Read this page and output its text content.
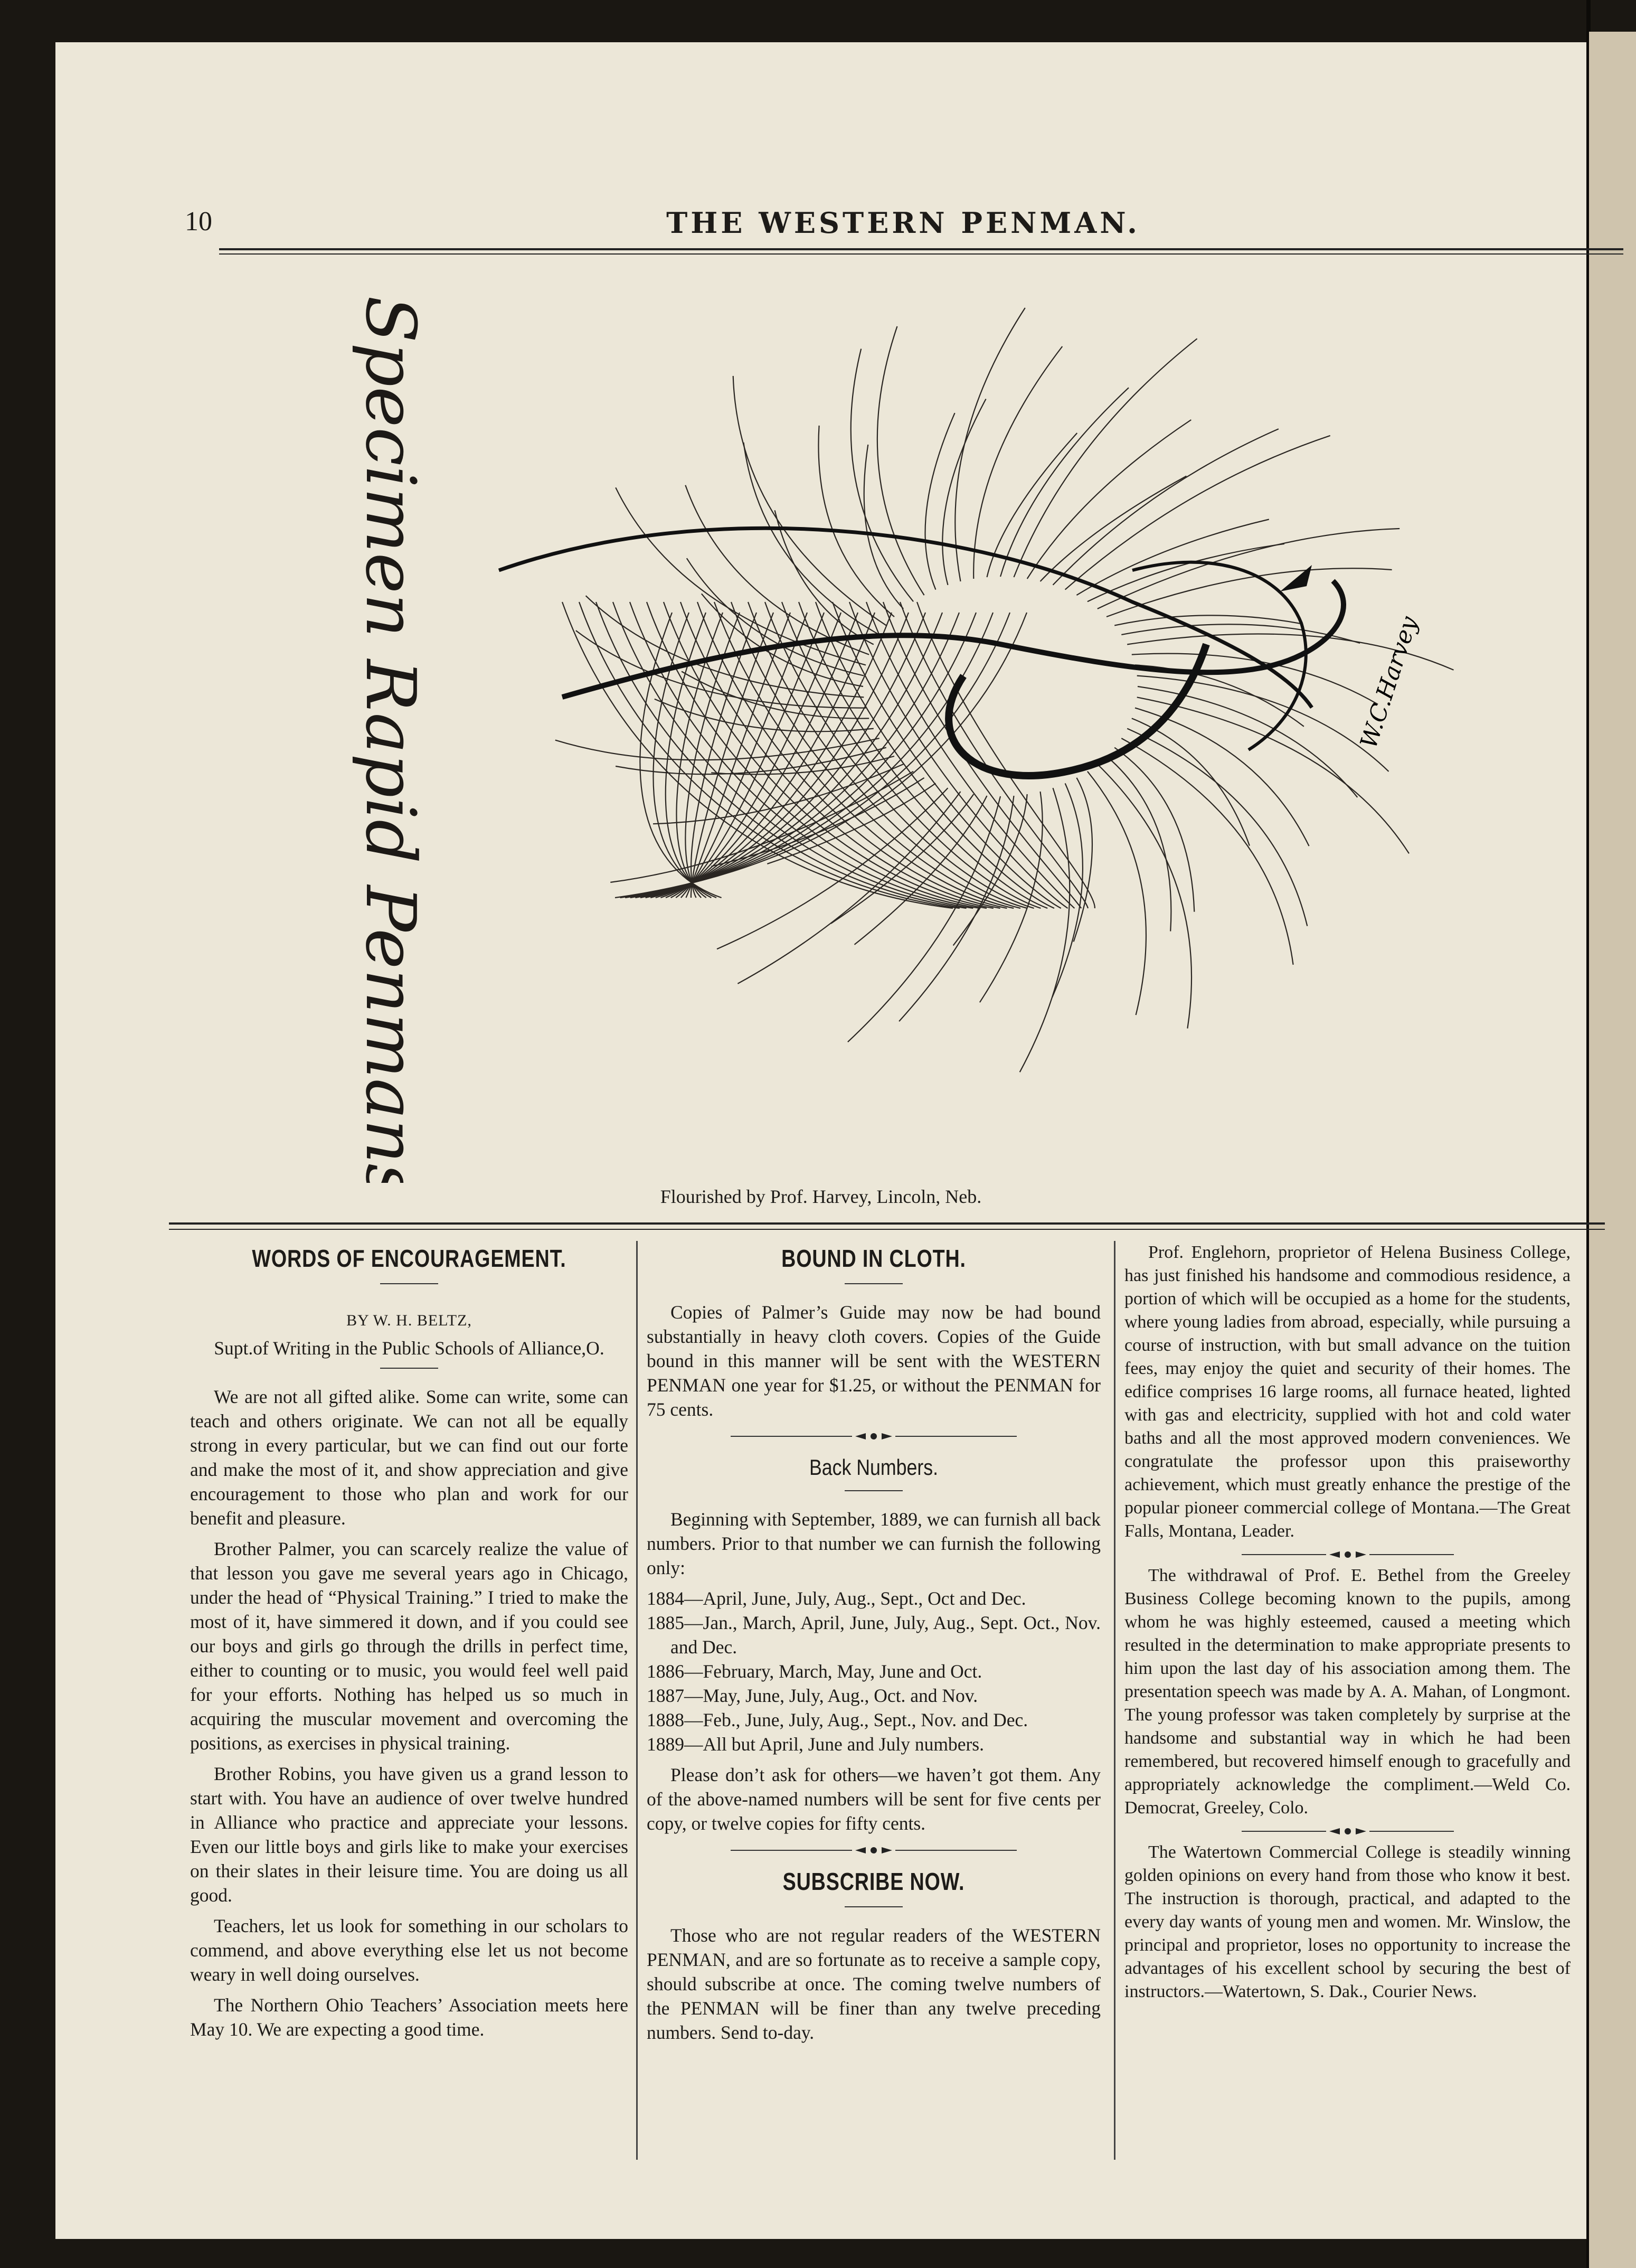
10	THE WESTERN PENMAN.
W.C.Harvey
Specimen Rapid Penmanship	Flourished by Prof. Harvey, Lincoln, Neb.
WORDS OF ENCOURAGEMENT.
BY W. H. BELTZ,
Supt.of Writing in the Public Schools of Alliance,O.

We are not all gifted alike. Some can write, some can teach and others originate. We can not all be equally strong in every particular, but we can find out our forte and make the most of it, and show appreciation and give encouragement to those who plan and work for our benefit and pleasure.

Brother Palmer, you can scarcely realize the value of that lesson you gave me several years ago in Chicago, under the head of “Physical Training.” I tried to make the most of it, have simmered it down, and if you could see our boys and girls go through the drills in perfect time, either to counting or to music, you would feel well paid for your efforts. Nothing has helped us so much in acquiring the muscular movement and overcoming the positions, as exercises in physical training.

Brother Robins, you have given us a grand lesson to start with. You have an audience of over twelve hundred in Alliance who practice and appreciate your lessons. Even our little boys and girls like to make your exercises on their slates in their leisure time. You are doing us all good.

Teachers, let us look for something in our scholars to commend, and above everything else let us not become weary in well doing ourselves.

The Northern Ohio Teachers’ Association meets here May 10. We are expecting a good time.

BOUND IN CLOTH.

Copies of Palmer’s Guide may now be had bound substantially in heavy cloth covers. Copies of the Guide bound in this manner will be sent with the WESTERN PENMAN one year for $1.25, or without the PENMAN for 75 cents.

Back Numbers.

Beginning with September, 1889, we can furnish all back numbers. Prior to that number we can furnish the following only:

1884—April, June, July, Aug., Sept., Oct and Dec.

1885—Jan., March, April, June, July, Aug., Sept. Oct., Nov. and Dec.

1886—February, March, May, June and Oct.

1887—May, June, July, Aug., Oct. and Nov.

1888—Feb., June, July, Aug., Sept., Nov. and Dec.

1889—All but April, June and July numbers.

Please don’t ask for others—we haven’t got them. Any of the above-named numbers will be sent for five cents per copy, or twelve copies for fifty cents.

SUBSCRIBE NOW.

Those who are not regular readers of the WESTERN PENMAN, and are so fortunate as to receive a sample copy, should subscribe at once. The coming twelve numbers of the PENMAN will be finer than any twelve preceding numbers. Send to-day.

Prof. Englehorn, proprietor of Helena Business College, has just finished his handsome and commodious residence, a portion of which will be occupied as a home for the students, where young ladies from abroad, especially, while pursuing a course of instruction, with but small advance on the tuition fees, may enjoy the quiet and security of their homes. The edifice comprises 16 large rooms, all furnace heated, lighted with gas and electricity, supplied with hot and cold water baths and all the most approved modern conveniences. We congratulate the professor upon this praiseworthy achievement, which must greatly enhance the prestige of the popular pioneer commercial college of Montana.—The Great Falls, Montana, Leader.

The withdrawal of Prof. E. Bethel from the Greeley Business College becoming known to the pupils, among whom he was highly esteemed, caused a meeting which resulted in the determination to make appropriate presents to him upon the last day of his association among them. The presentation speech was made by A. A. Mahan, of Longmont. The young professor was taken completely by surprise at the handsome and substantial way in which he had been remembered, but recovered himself enough to gracefully and appropriately acknowledge the compliment.—Weld Co. Democrat, Greeley, Colo.

The Watertown Commercial College is steadily winning golden opinions on every hand from those who know it best. The instruction is thorough, practical, and adapted to the every day wants of young men and women. Mr. Winslow, the principal and proprietor, loses no opportunity to increase the advantages of his excellent school by securing the best of instructors.—Watertown, S. Dak., Courier News.
